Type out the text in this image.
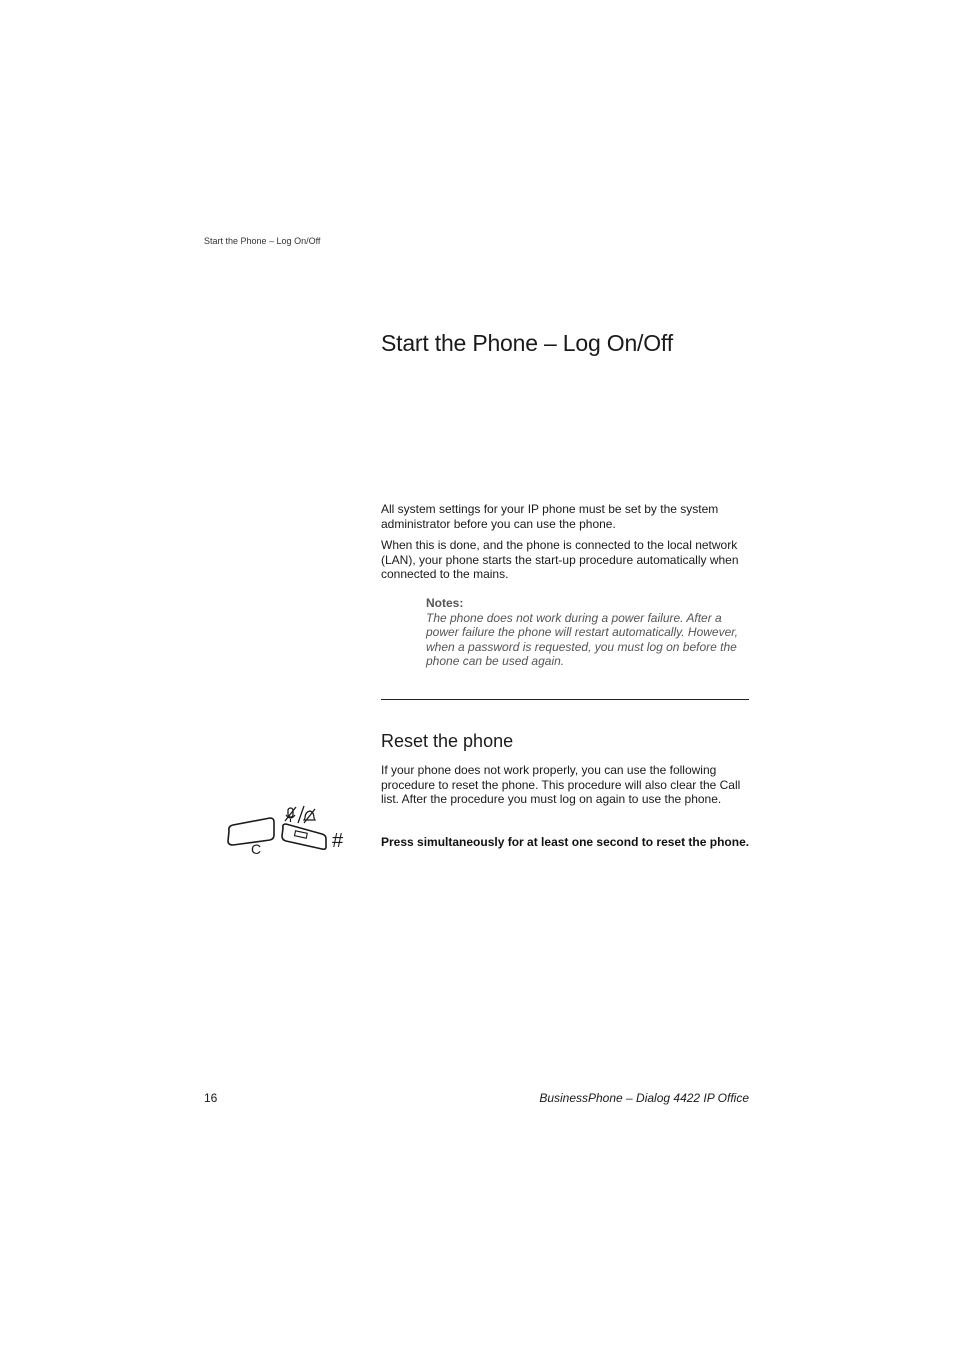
Start the Phone – Log On/Off
Start the Phone – Log On/Off

All system settings for your IP phone must be set by the system administrator before you can use the phone.

When this is done, and the phone is connected to the local network (LAN), your phone starts the start-up procedure automatically when connected to the mains.

Notes:
The phone does not work during a power failure. After a power failure the phone will restart automatically. However, when a password is requested, you must log on before the phone can be used again.
Reset the phone

If your phone does not work properly, you can use the following procedure to reset the phone. This procedure will also clear the Call list. After the procedure you must log on again to use the phone.

Press simultaneously for at least one second to reset the phone.

C	#
16	BusinessPhone – Dialog 4422 IP Office
